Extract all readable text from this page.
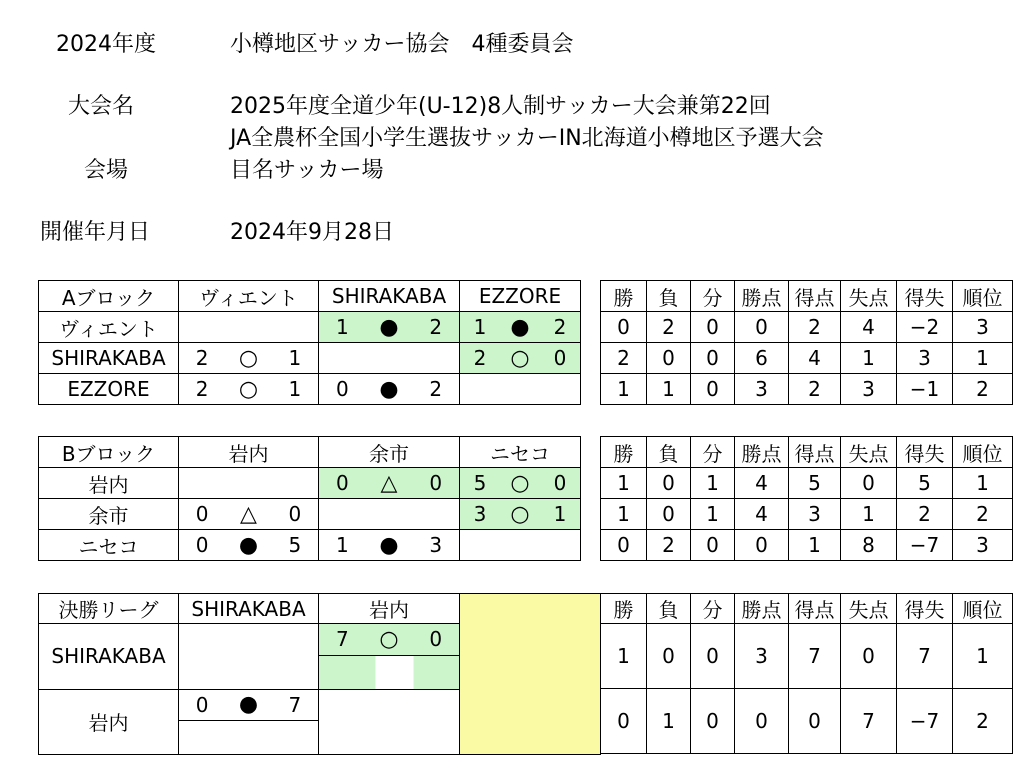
2024年度	小樽地区サッカー協会　4種委員会
大会名	2025年度全道少年(U-12)8人制サッカー大会兼第22回
JA全農杯全国小学生選抜サッカーIN北海道小樽地区予選大会
会場	目名サッカー場
開催年月日	2024年9月28日
Aブロック	ヴィエント	SHIRAKABA	EZZORE
ヴィエント		1 ● 2	1 ● 2

SHIRAKABA	2 ○ 1		2 ○ 0

EZZORE	2 ○ 1	0 ● 2	

勝	負	分	勝点	得点	失点	得失	順位
0	2	0	0	2	4	−2	3
2	0	0	6	4	1	3	1
1	1	0	3	2	3	−1	2
Bブロック	岩内	余市	ニセコ
岩内		0 △ 0	5 ○ 0

余市	0 △ 0		3 ○ 1

ニセコ	0 ● 5	1 ● 3	

勝	負	分	勝点	得点	失点	得失	順位
1	0	1	4	5	0	5	1
1	0	1	4	3	1	2	2
0	2	0	0	1	8	−7	3
決勝リーグ	SHIRAKABA	岩内	
SHIRAKABA		7 ○ 0	

岩内	0 ● 7		

勝	負	分	勝点	得点	失点	得失	順位
1	0	0	3	7	0	7	1
0	1	0	0	0	7	−7	2
